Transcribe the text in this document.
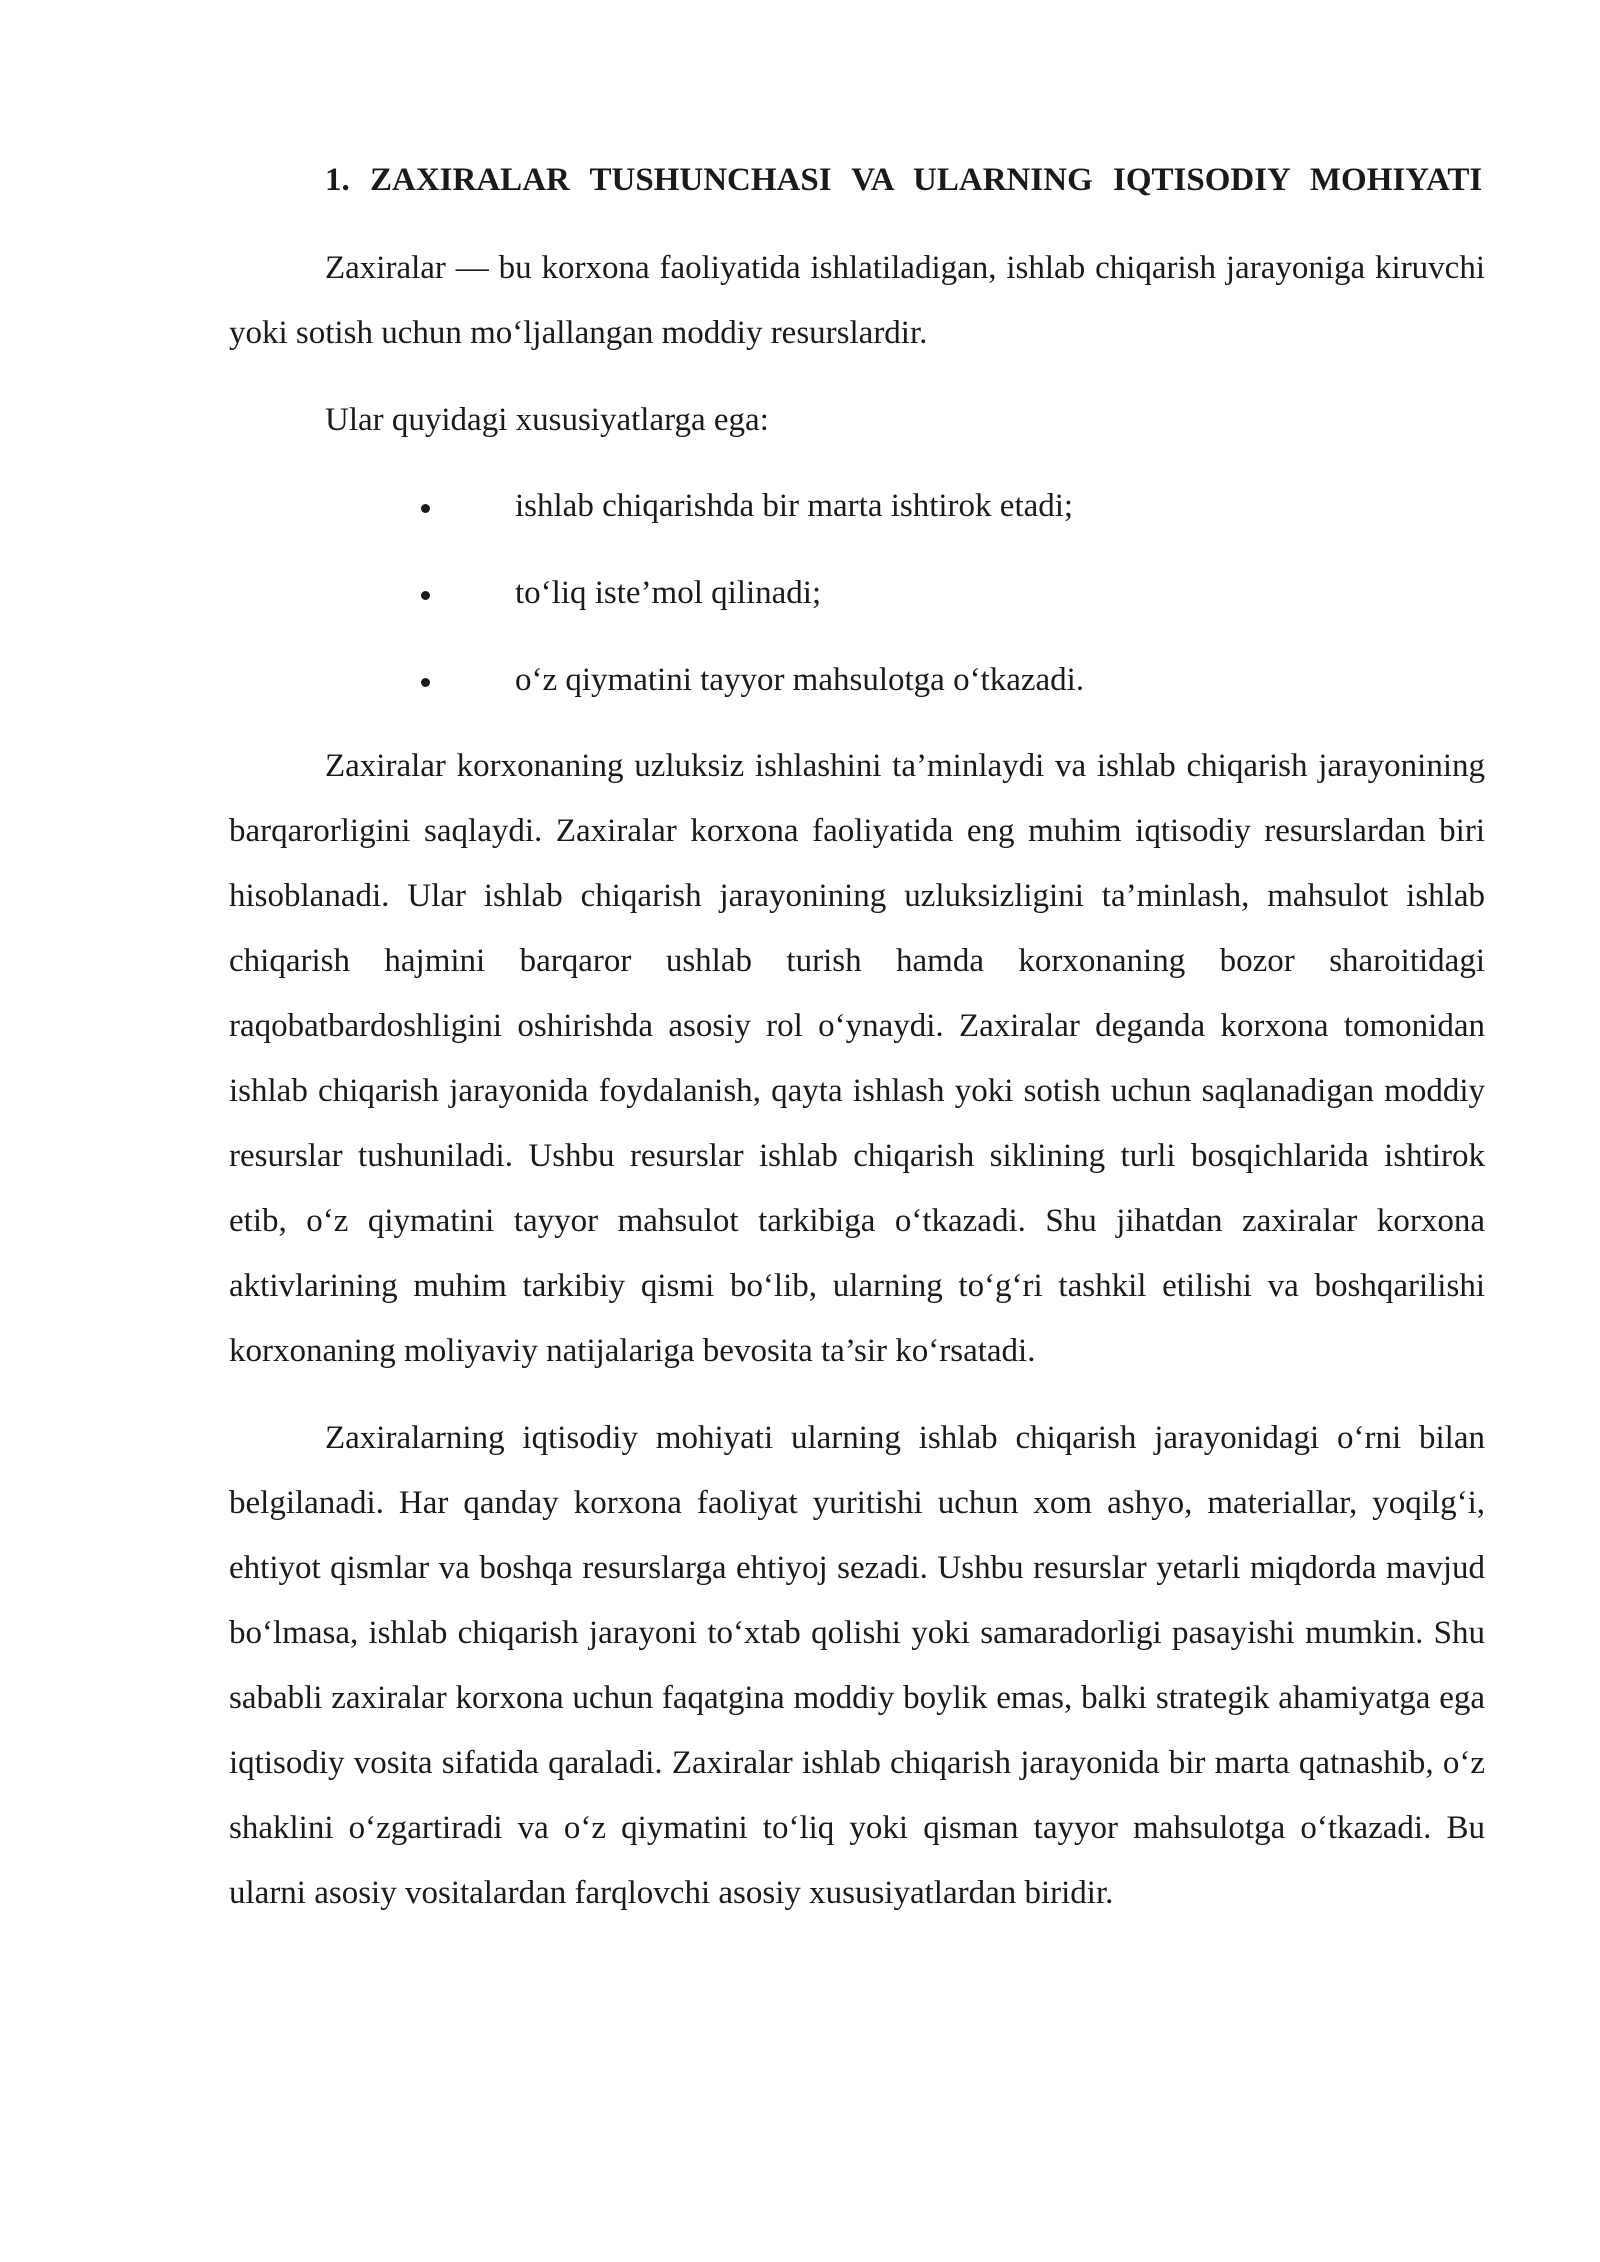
1. ZAXIRALAR TUSHUNCHASI VA ULARNING IQTISODIY MOHIYATI

Zaxiralar — bu korxona faoliyatida ishlatiladigan, ishlab chiqarish jarayoniga kiruvchi yoki sotish uchun mo‘ljallangan moddiy resurslardir.

Ular quyidagi xususiyatlarga ega:

ishlab chiqarishda bir marta ishtirok etadi;
to‘liq iste’mol qilinadi;
o‘z qiymatini tayyor mahsulotga o‘tkazadi.

Zaxiralar korxonaning uzluksiz ishlashini ta’minlaydi va ishlab chiqarish jarayonining barqarorligini saqlaydi. Zaxiralar korxona faoliyatida eng muhim iqtisodiy resurslardan biri hisoblanadi. Ular ishlab chiqarish jarayonining uzluksizligini ta’minlash, mahsulot ishlab chiqarish hajmini barqaror ushlab turish hamda korxonaning bozor sharoitidagi raqobatbardoshligini oshirishda asosiy rol o‘ynaydi. Zaxiralar deganda korxona tomonidan ishlab chiqarish jarayonida foydalanish, qayta ishlash yoki sotish uchun saqlanadigan moddiy resurslar tushuniladi. Ushbu resurslar ishlab chiqarish siklining turli bosqichlarida ishtirok etib, o‘z qiymatini tayyor mahsulot tarkibiga o‘tkazadi. Shu jihatdan zaxiralar korxona aktivlarining muhim tarkibiy qismi bo‘lib, ularning to‘g‘ri tashkil etilishi va boshqarilishi korxonaning moliyaviy natijalariga bevosita ta’sir ko‘rsatadi.

Zaxiralarning iqtisodiy mohiyati ularning ishlab chiqarish jarayonidagi o‘rni bilan belgilanadi. Har qanday korxona faoliyat yuritishi uchun xom ashyo, materiallar, yoqilg‘i, ehtiyot qismlar va boshqa resurslarga ehtiyoj sezadi. Ushbu resurslar yetarli miqdorda mavjud bo‘lmasa, ishlab chiqarish jarayoni to‘xtab qolishi yoki samaradorligi pasayishi mumkin. Shu sababli zaxiralar korxona uchun faqatgina moddiy boylik emas, balki strategik ahamiyatga ega iqtisodiy vosita sifatida qaraladi. Zaxiralar ishlab chiqarish jarayonida bir marta qatnashib, o‘z shaklini o‘zgartiradi va o‘z qiymatini to‘liq yoki qisman tayyor mahsulotga o‘tkazadi. Bu ularni asosiy vositalardan farqlovchi asosiy xususiyatlardan biridir.
